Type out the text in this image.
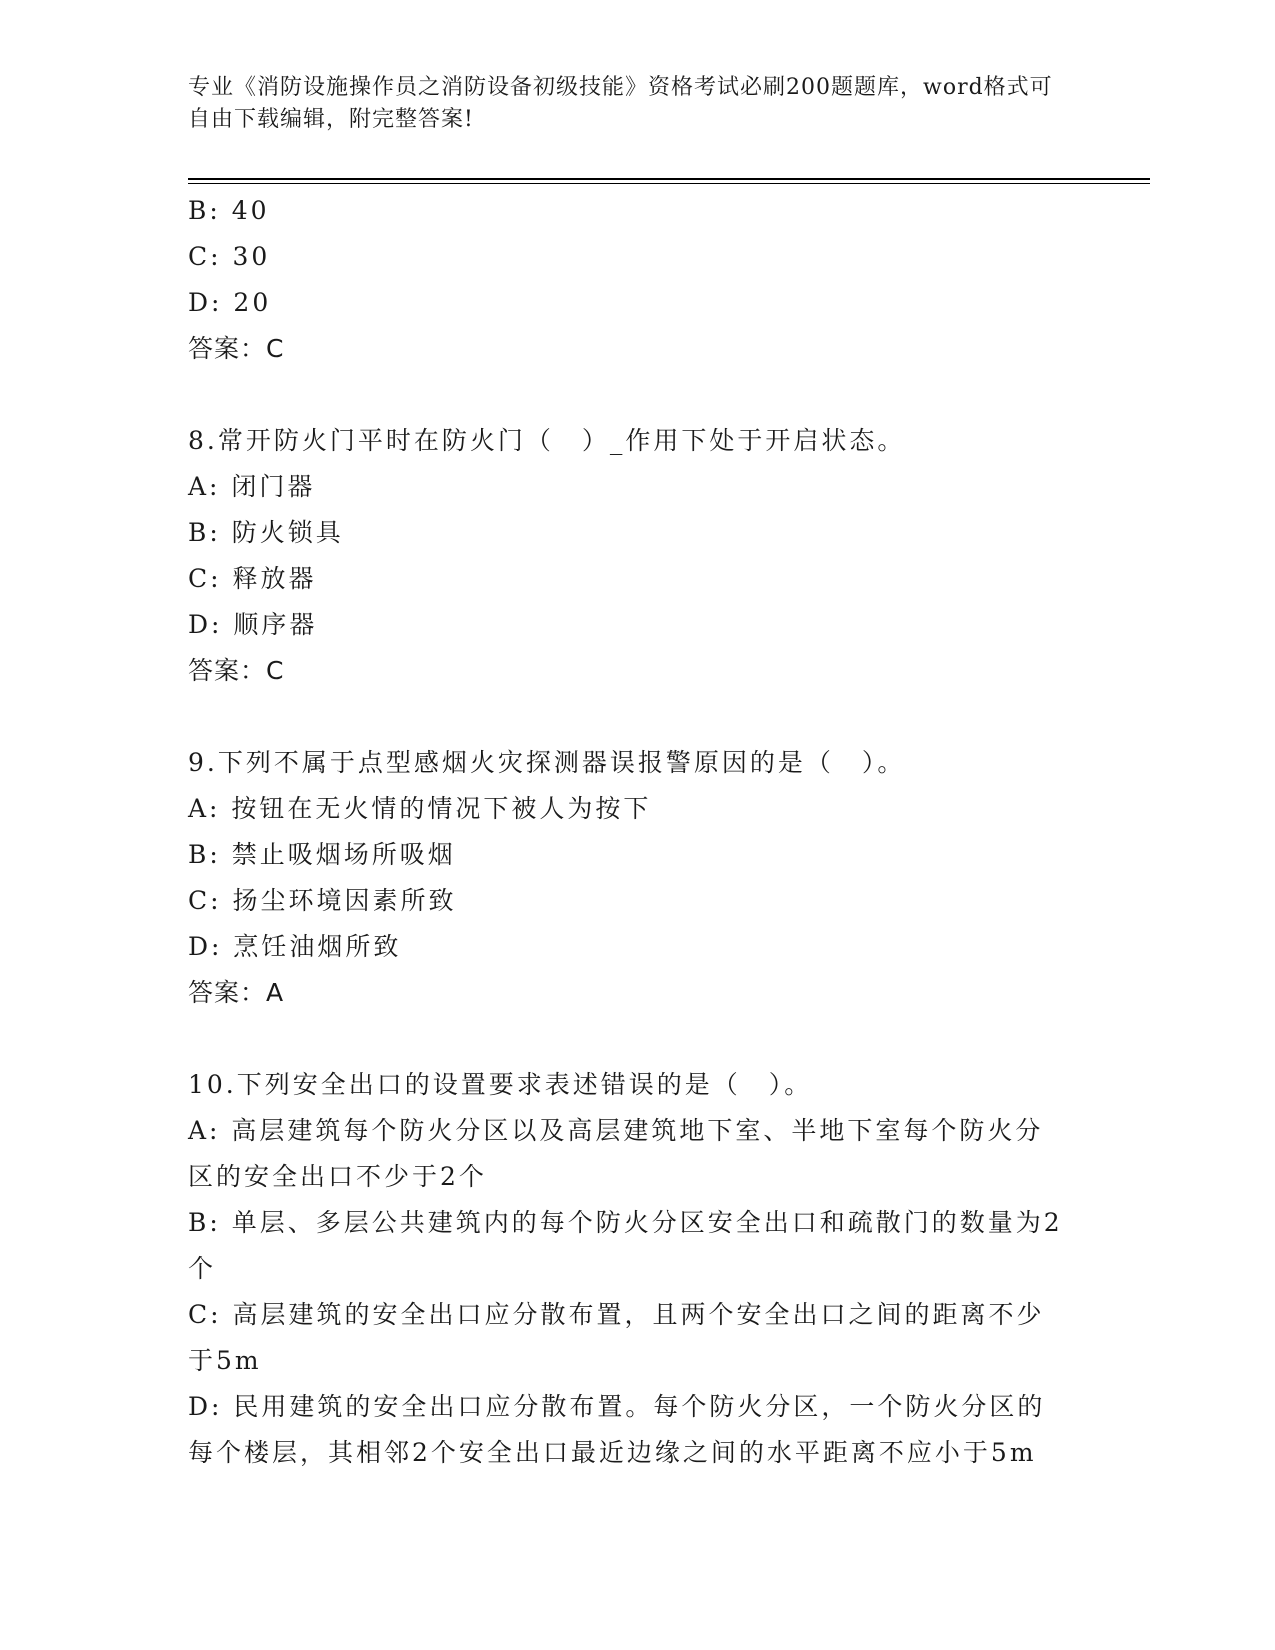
专业《消防设施操作员之消防设备初级技能》资格考试必刷200题题库，word格式可自由下载编辑，附完整答案!
B: 40
C: 30
D: 20
答案：C
8.常开防火门平时在防火门（　）_作用下处于开启状态。
A: 闭门器
B: 防火锁具
C: 释放器
D: 顺序器
答案：C
9.下列不属于点型感烟火灾探测器误报警原因的是（　）。
A: 按钮在无火情的情况下被人为按下
B: 禁止吸烟场所吸烟
C: 扬尘环境因素所致
D: 烹饪油烟所致
答案：A
10.下列安全出口的设置要求表述错误的是（　）。
A: 高层建筑每个防火分区以及高层建筑地下室、半地下室每个防火分区的安全出口不少于2个
B: 单层、多层公共建筑内的每个防火分区安全出口和疏散门的数量为2个
C: 高层建筑的安全出口应分散布置，且两个安全出口之间的距离不少于5m
D: 民用建筑的安全出口应分散布置。每个防火分区，一个防火分区的每个楼层，其相邻2个安全出口最近边缘之间的水平距离不应小于5m
